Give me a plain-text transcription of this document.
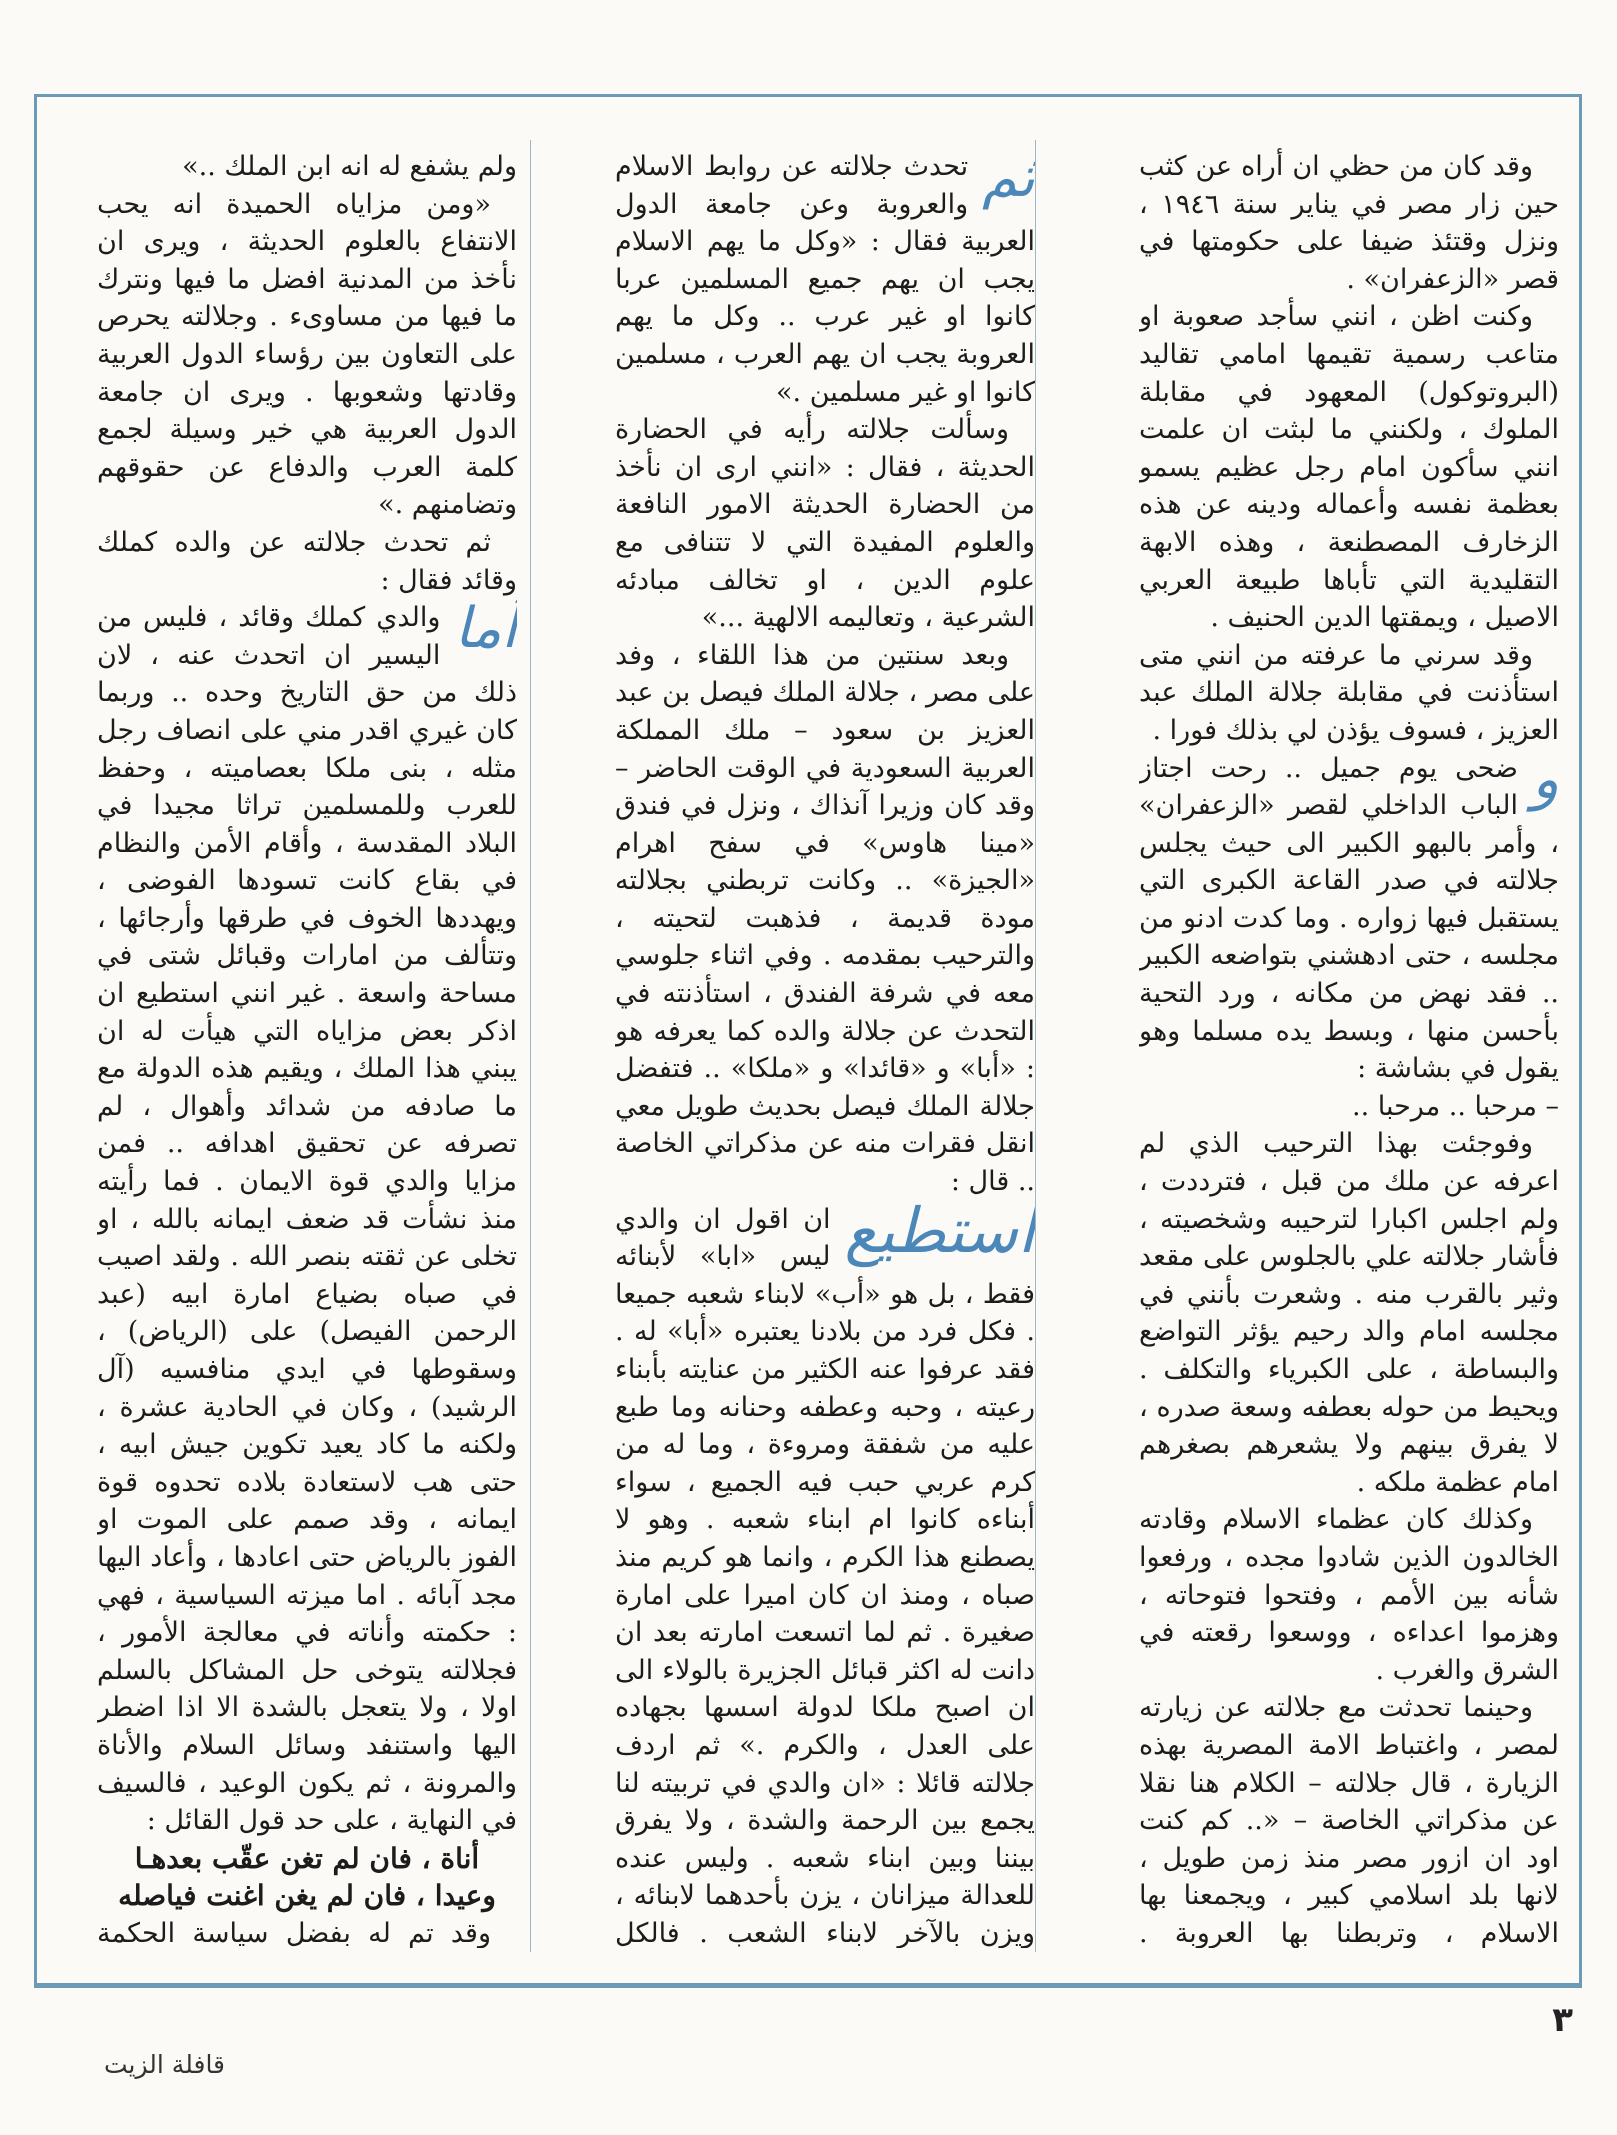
وقد كان من حظي ان أراه عن كثب حين زار مصر في يناير سنة ١٩٤٦ ، ونزل وقتئذ ضيفا على حكومتها في قصر «الزعفران» .

وكنت اظن ، انني سأجد صعوبة او متاعب رسمية تقيمها امامي تقاليد (البروتوكول) المعهود في مقابلة الملوك ، ولكنني ما لبثت ان علمت انني سأكون امام رجل عظيم يسمو بعظمة نفسه وأعماله ودينه عن هذه الزخارف المصطنعة ، وهذه الابهة التقليدية التي تأباها طبيعة العربي الاصيل ، ويمقتها الدين الحنيف .

وقد سرني ما عرفته من انني متى استأذنت في مقابلة جلالة الملك عبد العزيز ، فسوف يؤذن لي بذلك فورا .

و
ضحى يوم جميل .. رحت اجتاز الباب الداخلي لقصر «الزعفران» ، وأمر بالبهو الكبير الى حيث يجلس جلالته في صدر القاعة الكبرى التي يستقبل فيها زواره . وما كدت ادنو من مجلسه ، حتى ادهشني بتواضعه الكبير .. فقد نهض من مكانه ، ورد التحية بأحسن منها ، وبسط يده مسلما وهو يقول في بشاشة :

– مرحبا .. مرحبا ..

وفوجئت بهذا الترحيب الذي لم اعرفه عن ملك من قبل ، فترددت ، ولم اجلس اكبارا لترحيبه وشخصيته ، فأشار جلالته علي بالجلوس على مقعد وثير بالقرب منه . وشعرت بأنني في مجلسه امام والد رحيم يؤثر التواضع والبساطة ، على الكبرياء والتكلف . ويحيط من حوله بعطفه وسعة صدره ، لا يفرق بينهم ولا يشعرهم بصغرهم امام عظمة ملكه .

وكذلك كان عظماء الاسلام وقادته الخالدون الذين شادوا مجده ، ورفعوا شأنه بين الأمم ، وفتحوا فتوحاته ، وهزموا اعداءه ، ووسعوا رقعته في الشرق والغرب .

وحينما تحدثت مع جلالته عن زيارته لمصر ، واغتباط الامة المصرية بهذه الزيارة ، قال جلالته – الكلام هنا نقلا عن مذكراتي الخاصة – «.. كم كنت اود ان ازور مصر منذ زمن طويل ، لانها بلد اسلامي كبير ، ويجمعنا بها الاسلام ، وتربطنا بها العروبة .

ثم
تحدث جلالته عن روابط الاسلام والعروبة وعن جامعة الدول العربية فقال : «وكل ما يهم الاسلام يجب ان يهم جميع المسلمين عربا كانوا او غير عرب .. وكل ما يهم العروبة يجب ان يهم العرب ، مسلمين كانوا او غير مسلمين .»

وسألت جلالته رأيه في الحضارة الحديثة ، فقال : «انني ارى ان نأخذ من الحضارة الحديثة الامور النافعة والعلوم المفيدة التي لا تتنافى مع علوم الدين ، او تخالف مبادئه الشرعية ، وتعاليمه الالهية ...»

وبعد سنتين من هذا اللقاء ، وفد على مصر ، جلالة الملك فيصل بن عبد العزيز بن سعود – ملك المملكة العربية السعودية في الوقت الحاضر – وقد كان وزيرا آنذاك ، ونزل في فندق «مينا هاوس» في سفح اهرام «الجيزة» .. وكانت تربطني بجلالته مودة قديمة ، فذهبت لتحيته ، والترحيب بمقدمه . وفي اثناء جلوسي معه في شرفة الفندق ، استأذنته في التحدث عن جلالة والده كما يعرفه هو : «أبا» و «قائدا» و «ملكا» .. فتفضل جلالة الملك فيصل بحديث طويل معي انقل فقرات منه عن مذكراتي الخاصة .. قال :

استطيع
ان اقول ان والدي ليس «ابا» لأبنائه فقط ، بل هو «أب» لابناء شعبه جميعا . فكل فرد من بلادنا يعتبره «أبا» له . فقد عرفوا عنه الكثير من عنايته بأبناء رعيته ، وحبه وعطفه وحنانه وما طبع عليه من شفقة ومروءة ، وما له من كرم عربي حبب فيه الجميع ، سواء أبناءه كانوا ام ابناء شعبه . وهو لا يصطنع هذا الكرم ، وانما هو كريم منذ صباه ، ومنذ ان كان اميرا على امارة صغيرة . ثم لما اتسعت امارته بعد ان دانت له اكثر قبائل الجزيرة بالولاء الى ان اصبح ملكا لدولة اسسها بجهاده على العدل ، والكرم .» ثم اردف جلالته قائلا : «ان والدي في تربيته لنا يجمع بين الرحمة والشدة ، ولا يفرق بيننا وبين ابناء شعبه . وليس عنده للعدالة ميزانان ، يزن بأحدهما لابنائه ، ويزن بالآخر لابناء الشعب . فالكل

ولم يشفع له انه ابن الملك ..»

«ومن مزاياه الحميدة انه يحب الانتفاع بالعلوم الحديثة ، ويرى ان نأخذ من المدنية افضل ما فيها ونترك ما فيها من مساوىء . وجلالته يحرص على التعاون بين رؤساء الدول العربية وقادتها وشعوبها . ويرى ان جامعة الدول العربية هي خير وسيلة لجمع كلمة العرب والدفاع عن حقوقهم وتضامنهم .»

ثم تحدث جلالته عن والده كملك وقائد فقال :

أما
والدي كملك وقائد ، فليس من اليسير ان اتحدث عنه ، لان ذلك من حق التاريخ وحده .. وربما كان غيري اقدر مني على انصاف رجل مثله ، بنى ملكا بعصاميته ، وحفظ للعرب وللمسلمين تراثا مجيدا في البلاد المقدسة ، وأقام الأمن والنظام في بقاع كانت تسودها الفوضى ، ويهددها الخوف في طرقها وأرجائها ، وتتألف من امارات وقبائل شتى في مساحة واسعة . غير انني استطيع ان اذكر بعض مزاياه التي هيأت له ان يبني هذا الملك ، ويقيم هذه الدولة مع ما صادفه من شدائد وأهوال ، لم تصرفه عن تحقيق اهدافه .. فمن مزايا والدي قوة الايمان . فما رأيته منذ نشأت قد ضعف ايمانه بالله ، او تخلى عن ثقته بنصر الله . ولقد اصيب في صباه بضياع امارة ابيه (عبد الرحمن الفيصل) على (الرياض) ، وسقوطها في ايدي منافسيه (آل الرشيد) ، وكان في الحادية عشرة ، ولكنه ما كاد يعيد تكوين جيش ابيه ، حتى هب لاستعادة بلاده تحدوه قوة ايمانه ، وقد صمم على الموت او الفوز بالرياض حتى اعادها ، وأعاد اليها مجد آبائه . اما ميزته السياسية ، فهي : حكمته وأناته في معالجة الأمور ، فجلالته يتوخى حل المشاكل بالسلم اولا ، ولا يتعجل بالشدة الا اذا اضطر اليها واستنفد وسائل السلام والأناة والمرونة ، ثم يكون الوعيد ، فالسيف في النهاية ، على حد قول القائل :

أناة ، فان لم تغن عقّب بعدهـا

وعيدا ، فان لم يغن اغنت فياصله

وقد تم له بفضل سياسة الحكمة

٣
قافلة الزيت
